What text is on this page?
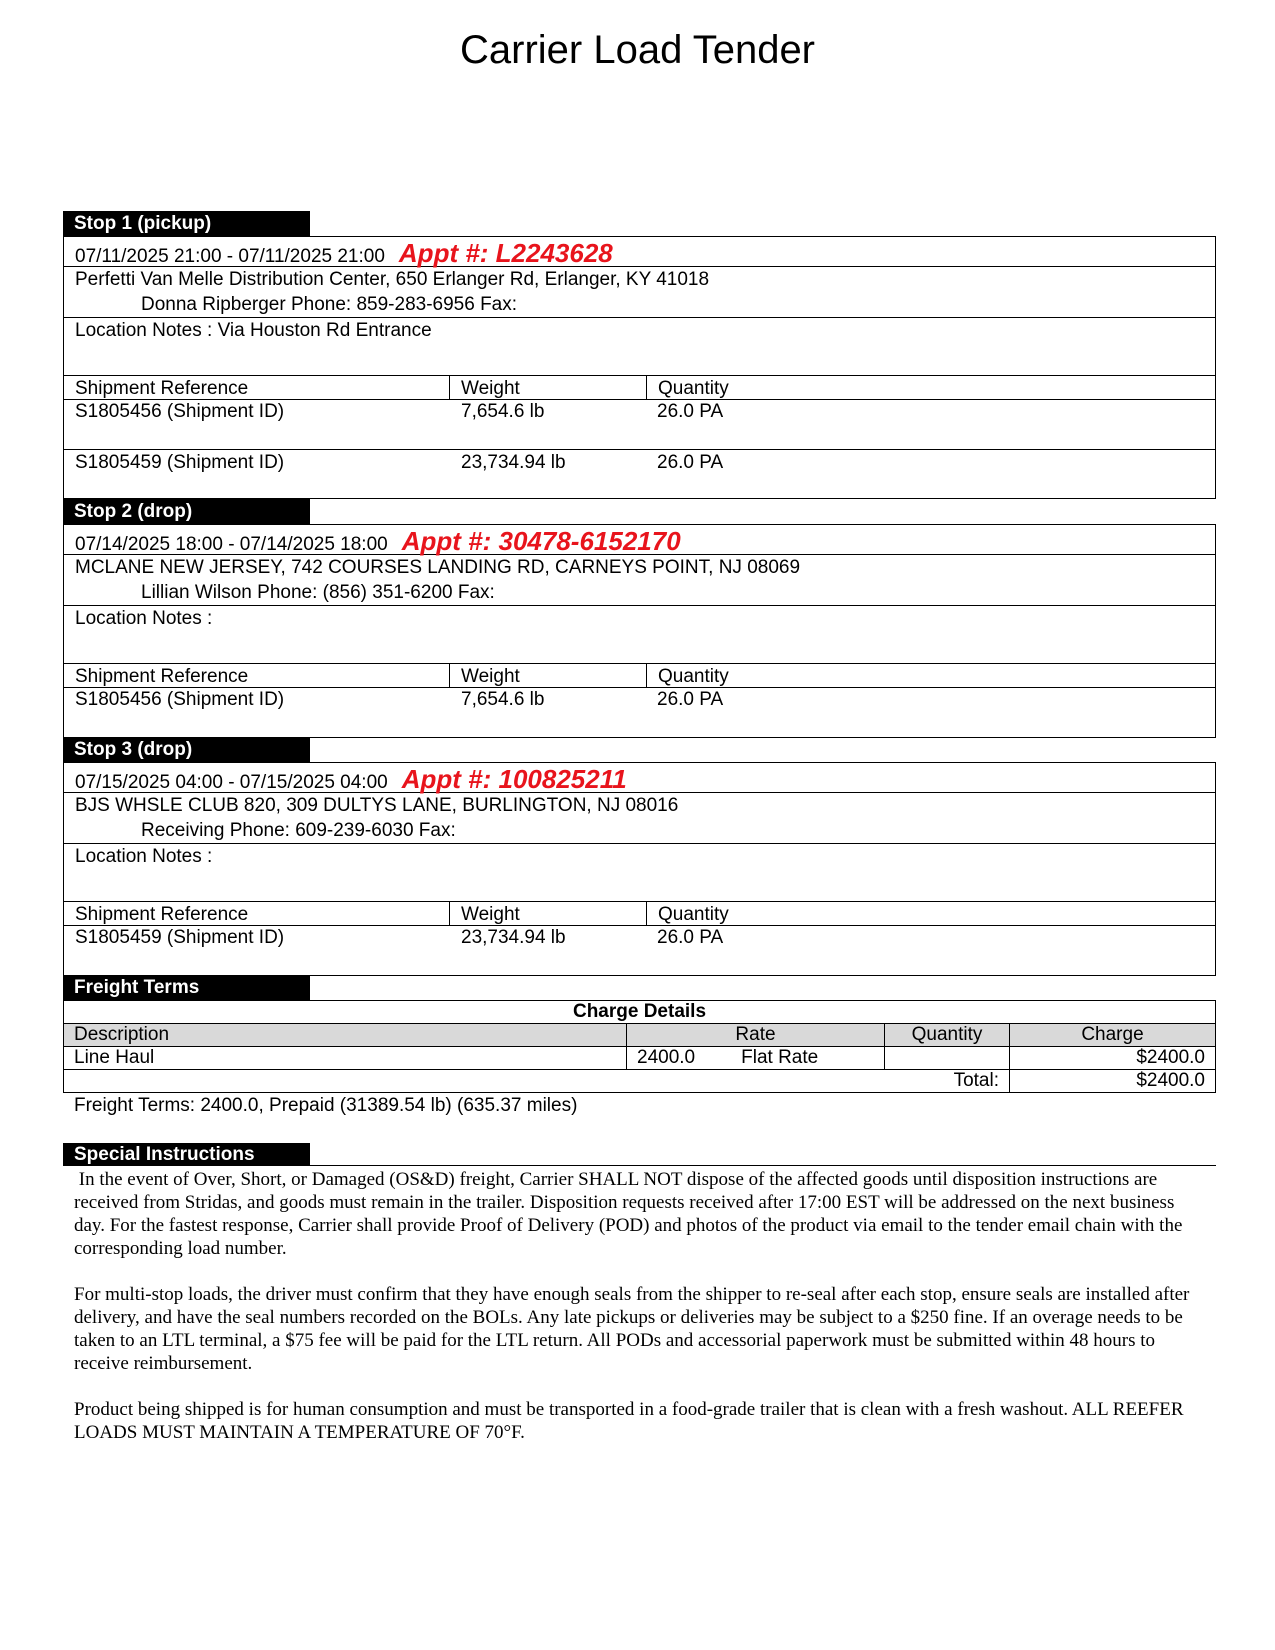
Carrier Load Tender
Stop 1 (pickup)
07/11/2025 21:00 - 07/11/2025 21:00 Appt #: L2243628
Perfetti Van Melle Distribution Center, 650 Erlanger Rd, Erlanger, KY 41018
Donna Ripberger Phone: 859-283-6956 Fax:
Location Notes : Via Houston Rd Entrance
Shipment Reference	Weight	Quantity
S1805456 (Shipment ID)	7,654.6 lb	26.0 PA
S1805459 (Shipment ID)	23,734.94 lb	26.0 PA
Stop 2 (drop)
07/14/2025 18:00 - 07/14/2025 18:00 Appt #: 30478-6152170
MCLANE NEW JERSEY, 742 COURSES LANDING RD, CARNEYS POINT, NJ 08069
Lillian Wilson Phone: (856) 351-6200 Fax:
Location Notes :
Shipment Reference	Weight	Quantity
S1805456 (Shipment ID)	7,654.6 lb	26.0 PA
Stop 3 (drop)
07/15/2025 04:00 - 07/15/2025 04:00 Appt #: 100825211
BJS WHSLE CLUB 820, 309 DULTYS LANE, BURLINGTON, NJ 08016
Receiving Phone: 609-239-6030 Fax:
Location Notes :
Shipment Reference	Weight	Quantity
S1805459 (Shipment ID)	23,734.94 lb	26.0 PA
Freight Terms
Charge Details			
Description	Rate	Quantity	Charge
Line Haul	2400.0 Flat Rate		$2400.0
Total:			$2400.0
Freight Terms: 2400.0, Prepaid (31389.54 lb) (635.37 miles)
Special Instructions
In the event of Over, Short, or Damaged (OS&D) freight, Carrier SHALL NOT dispose of the affected goods until disposition instructions are received from Stridas, and goods must remain in the trailer. Disposition requests received after 17:00 EST will be addressed on the next business day. For the fastest response, Carrier shall provide Proof of Delivery (POD) and photos of the product via email to the tender email chain with the corresponding load number.
For multi-stop loads, the driver must confirm that they have enough seals from the shipper to re-seal after each stop, ensure seals are installed after delivery, and have the seal numbers recorded on the BOLs. Any late pickups or deliveries may be subject to a $250 fine. If an overage needs to be taken to an LTL terminal, a $75 fee will be paid for the LTL return. All PODs and accessorial paperwork must be submitted within 48 hours to receive reimbursement.
Product being shipped is for human consumption and must be transported in a food-grade trailer that is clean with a fresh washout. ALL REEFER LOADS MUST MAINTAIN A TEMPERATURE OF 70°F.
